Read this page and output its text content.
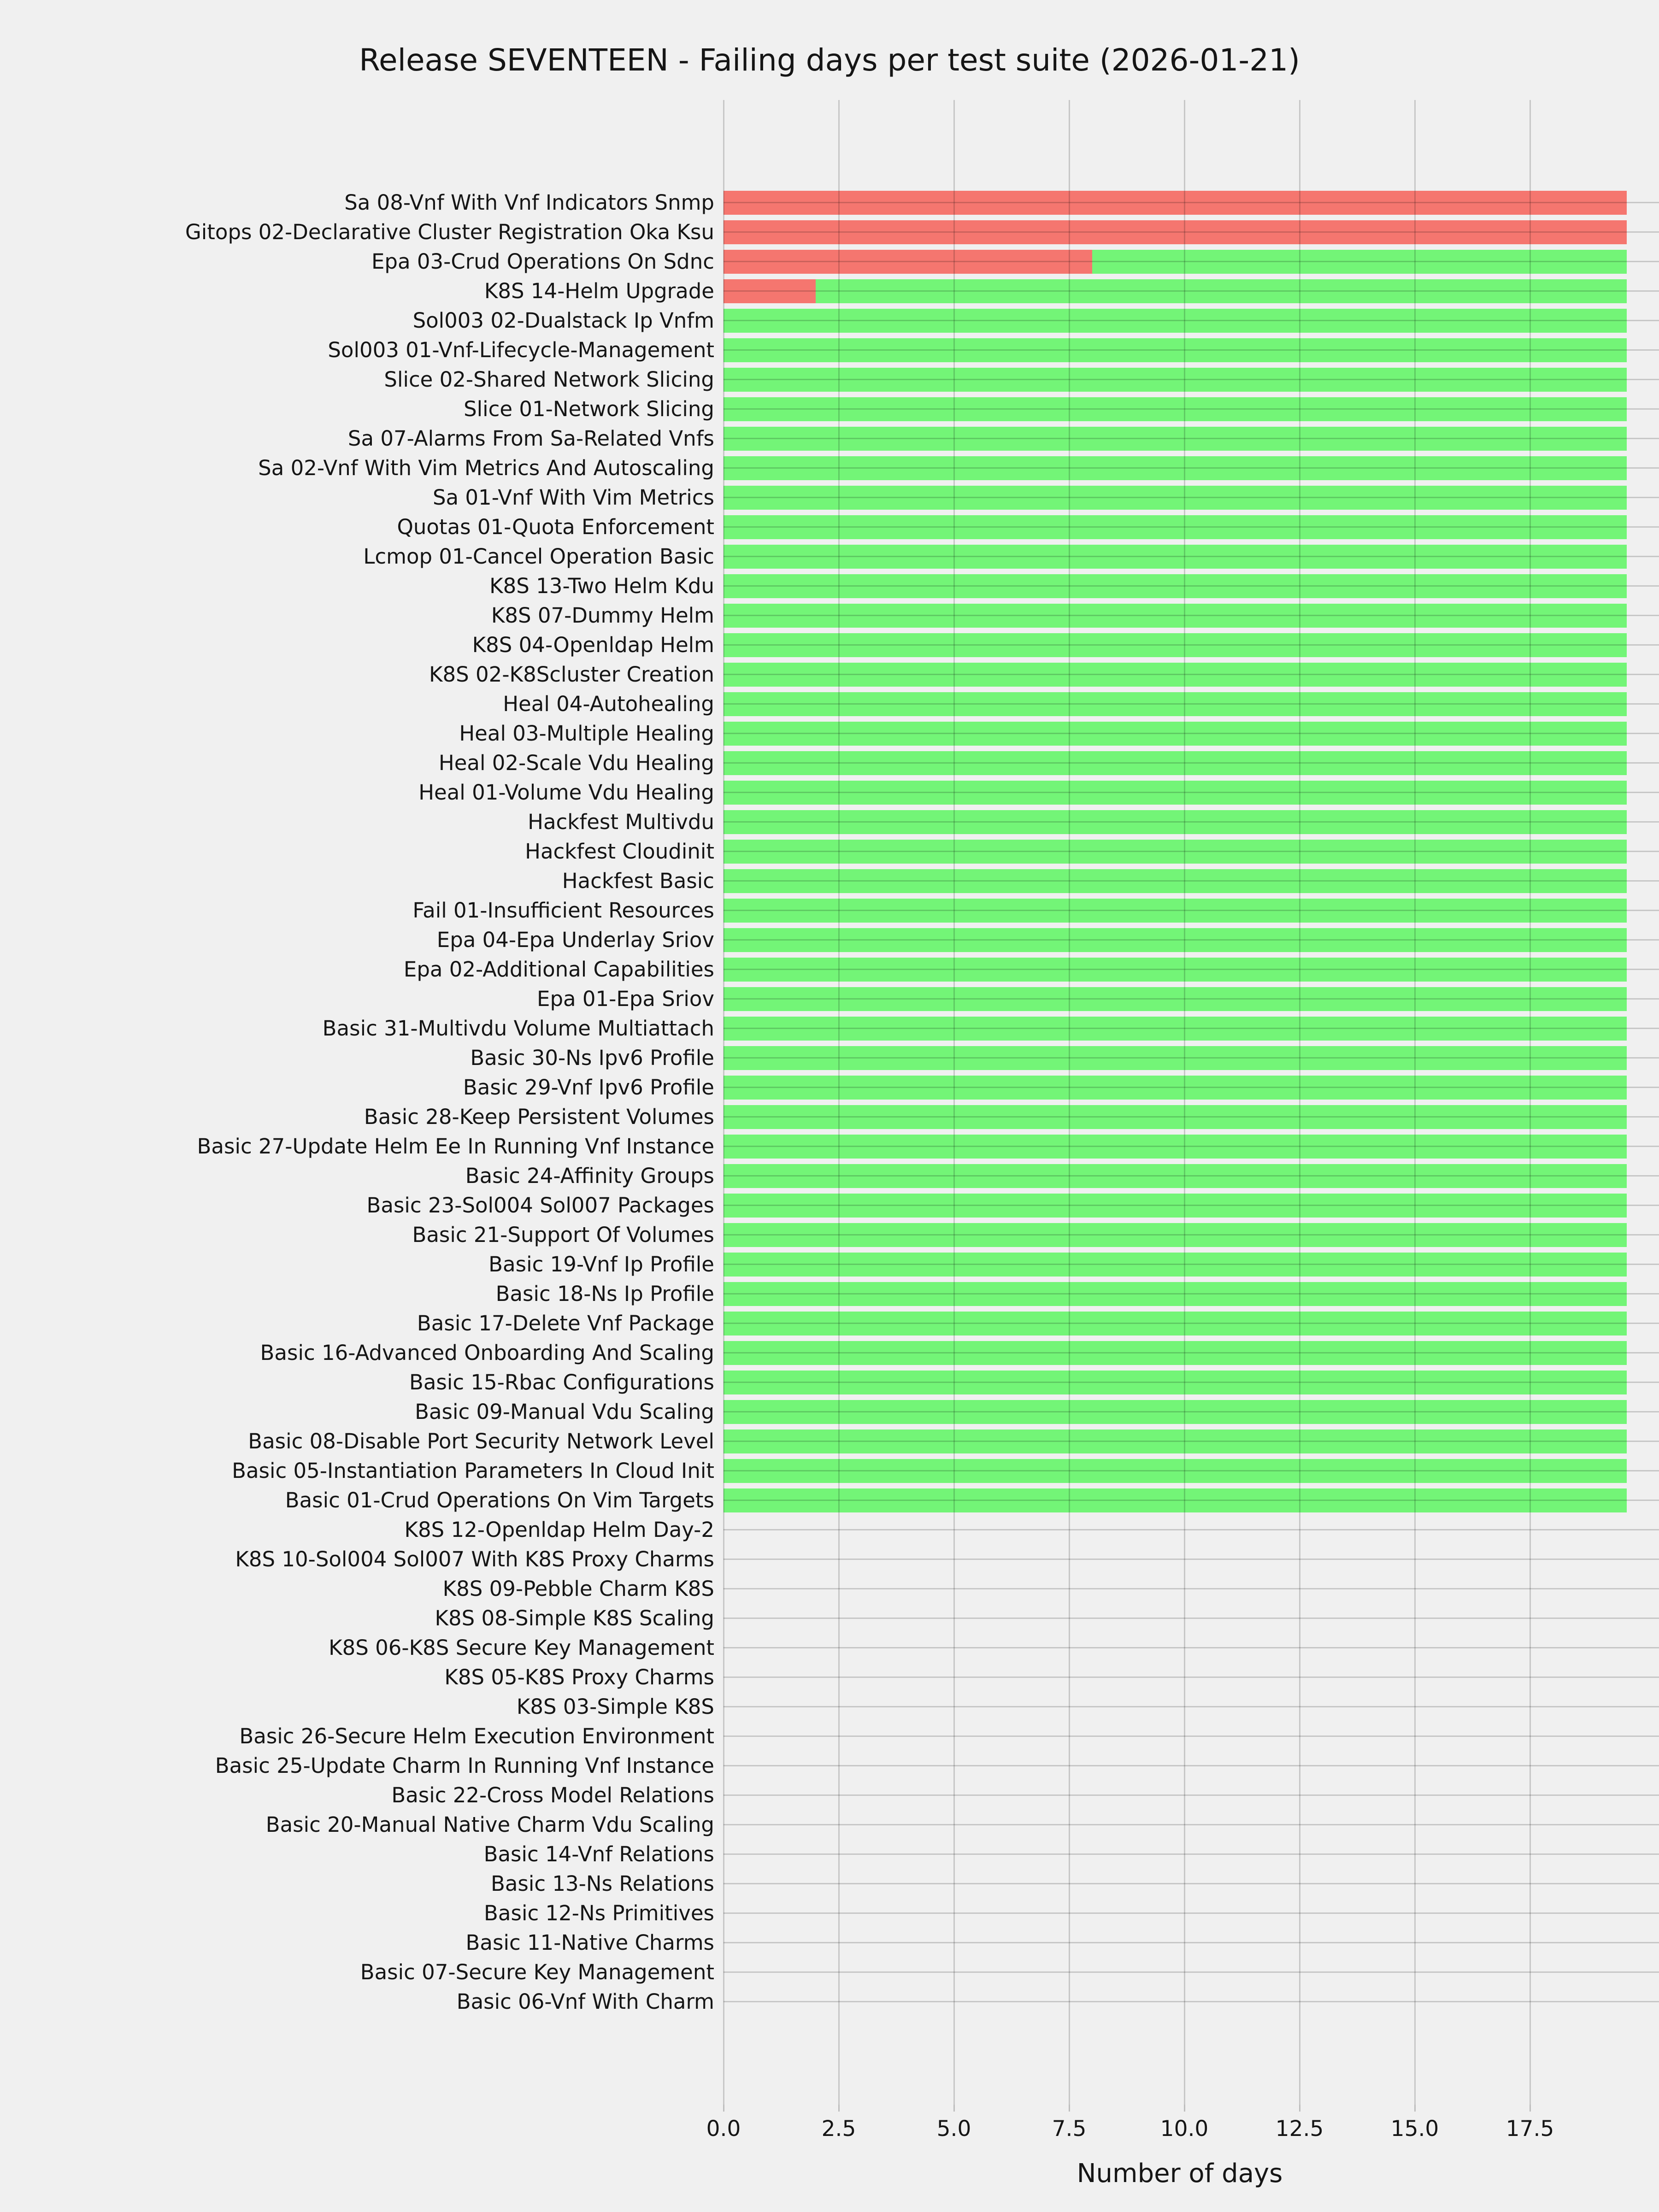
Release SEVENTEEN - Failing days per test suite (2026-01-21)
Sa 08-Vnf With Vnf Indicators Snmp
Gitops 02-Declarative Cluster Registration Oka Ksu
Epa 03-Crud Operations On Sdnc
K8S 14-Helm Upgrade
Sol003 02-Dualstack Ip Vnfm
Sol003 01-Vnf-Lifecycle-Management
Slice 02-Shared Network Slicing
Slice 01-Network Slicing
Sa 07-Alarms From Sa-Related Vnfs
Sa 02-Vnf With Vim Metrics And Autoscaling
Sa 01-Vnf With Vim Metrics
Quotas 01-Quota Enforcement
Lcmop 01-Cancel Operation Basic
K8S 13-Two Helm Kdu
K8S 07-Dummy Helm
K8S 04-Openldap Helm
K8S 02-K8Scluster Creation
Heal 04-Autohealing
Heal 03-Multiple Healing
Heal 02-Scale Vdu Healing
Heal 01-Volume Vdu Healing
Hackfest Multivdu
Hackfest Cloudinit
Hackfest Basic
Fail 01-Insufficient Resources
Epa 04-Epa Underlay Sriov
Epa 02-Additional Capabilities
Epa 01-Epa Sriov
Basic 31-Multivdu Volume Multiattach
Basic 30-Ns Ipv6 Profile
Basic 29-Vnf Ipv6 Profile
Basic 28-Keep Persistent Volumes
Basic 27-Update Helm Ee In Running Vnf Instance
Basic 24-Affinity Groups
Basic 23-Sol004 Sol007 Packages
Basic 21-Support Of Volumes
Basic 19-Vnf Ip Profile
Basic 18-Ns Ip Profile
Basic 17-Delete Vnf Package
Basic 16-Advanced Onboarding And Scaling
Basic 15-Rbac Configurations
Basic 09-Manual Vdu Scaling
Basic 08-Disable Port Security Network Level
Basic 05-Instantiation Parameters In Cloud Init
Basic 01-Crud Operations On Vim Targets
K8S 12-Openldap Helm Day-2
K8S 10-Sol004 Sol007 With K8S Proxy Charms
K8S 09-Pebble Charm K8S
K8S 08-Simple K8S Scaling
K8S 06-K8S Secure Key Management
K8S 05-K8S Proxy Charms
K8S 03-Simple K8S
Basic 26-Secure Helm Execution Environment
Basic 25-Update Charm In Running Vnf Instance
Basic 22-Cross Model Relations
Basic 20-Manual Native Charm Vdu Scaling
Basic 14-Vnf Relations
Basic 13-Ns Relations
Basic 12-Ns Primitives
Basic 11-Native Charms
Basic 07-Secure Key Management
Basic 06-Vnf With Charm
0.0	2.5	5.0	7.5	10.0	12.5	15.0	17.5
Number of days
